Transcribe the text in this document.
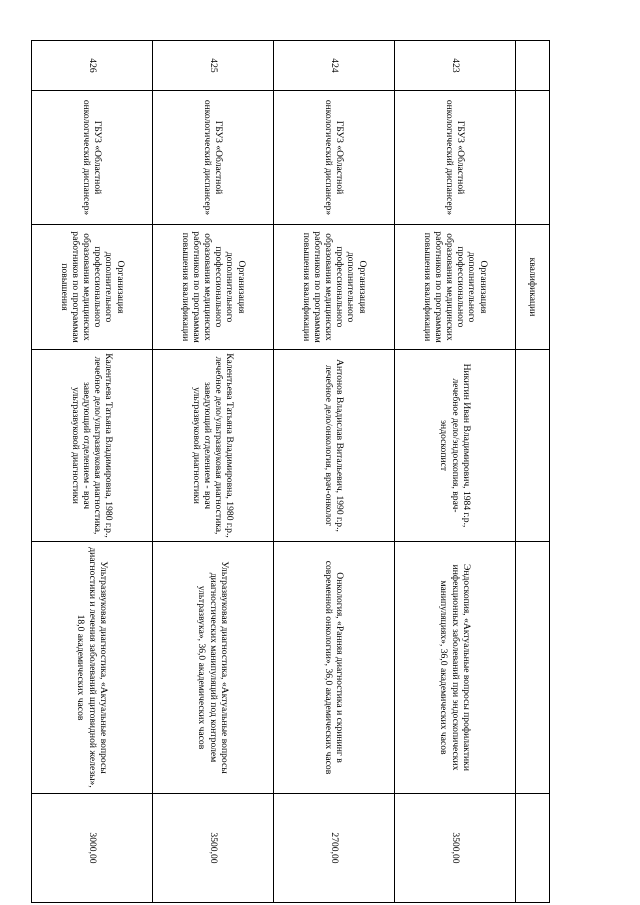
		квалификации			
423	ГБУЗ «Областной онкологический диспансер»	Организация дополнительного профессионального образования медицинских работников по программам повышения квалификации	Никитин Иван Владимирович, 1984 г.р., лечебное дело/эндоскопия, врач-эндоскопист	Эндоскопия, «Актуальные вопросы профилактики инфекционных заболеваний при эндоскопических манипуляциях», 36,0 академических часов	3500,00
424	ГБУЗ «Областной онкологический диспансер»	Организация дополнительного профессионального образования медицинских работников по программам повышения квалификации	Антонов Владислав Витальевич, 1990 г.р., лечебное дело/онкология, врач-онколог	Онкология, «Ранняя диагностика и скрининг в современной онкологии», 36,0 академических часов	2700,00
425	ГБУЗ «Областной онкологический диспансер»	Организация дополнительного профессионального образования медицинских работников по программам повышения квалификации	Калентьева Татьяна Владимировна, 1980 г.р., лечебное дело/ультразвуковая диагностика, заведующий отделением - врач ультразвуковой диагностики	Ультразвуковая диагностика, «Актуальные вопросы диагностических манипуляций под контролем ультразвука», 36,0 академических часов	3500,00
426	ГБУЗ «Областной онкологический диспансер»	Организация дополнительного профессионального образования медицинских работников по программам повышения	Калентьева Татьяна Владимировна, 1980 г.р., лечебное дело/ультразвуковая диагностика, заведующий отделением - врач ультразвуковой диагностики	Ультразвуковая диагностика, «Актуальные вопросы диагностики и лечения заболеваний щитовидной железы», 18,0 академических часов	3000,00
